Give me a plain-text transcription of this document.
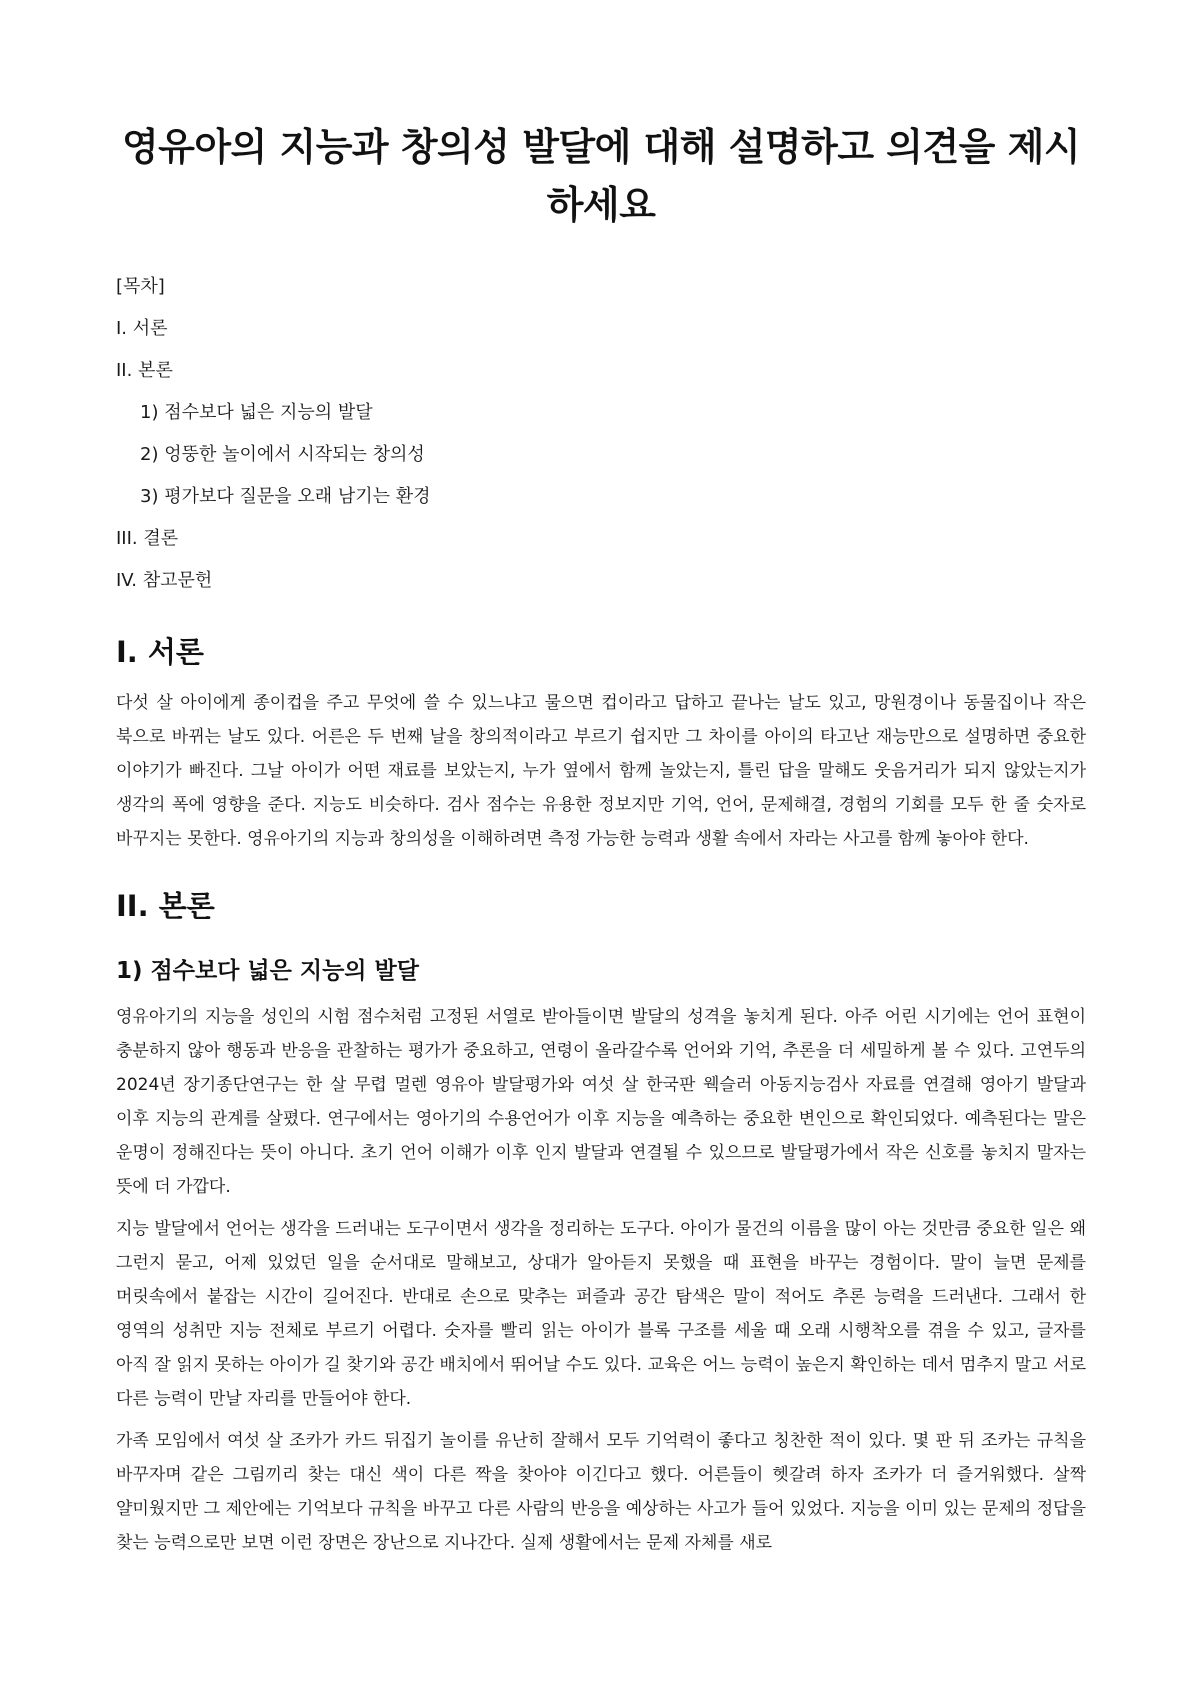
영유아의 지능과 창의성 발달에 대해 설명하고 의견을 제시하세요
[목차]
I. 서론
II. 본론
1) 점수보다 넓은 지능의 발달
2) 엉뚱한 놀이에서 시작되는 창의성
3) 평가보다 질문을 오래 남기는 환경
III. 결론
IV. 참고문헌
I. 서론

다섯 살 아이에게 종이컵을 주고 무엇에 쓸 수 있느냐고 물으면 컵이라고 답하고 끝나는 날도 있고, 망원경이나 동물집이나 작은 북으로 바뀌는 날도 있다. 어른은 두 번째 날을 창의적이라고 부르기 쉽지만 그 차이를 아이의 타고난 재능만으로 설명하면 중요한 이야기가 빠진다. 그날 아이가 어떤 재료를 보았는지, 누가 옆에서 함께 놀았는지, 틀린 답을 말해도 웃음거리가 되지 않았는지가 생각의 폭에 영향을 준다. 지능도 비슷하다. 검사 점수는 유용한 정보지만 기억, 언어, 문제해결, 경험의 기회를 모두 한 줄 숫자로 바꾸지는 못한다. 영유아기의 지능과 창의성을 이해하려면 측정 가능한 능력과 생활 속에서 자라는 사고를 함께 놓아야 한다.

II. 본론
1) 점수보다 넓은 지능의 발달

영유아기의 지능을 성인의 시험 점수처럼 고정된 서열로 받아들이면 발달의 성격을 놓치게 된다. 아주 어린 시기에는 언어 표현이 충분하지 않아 행동과 반응을 관찰하는 평가가 중요하고, 연령이 올라갈수록 언어와 기억, 추론을 더 세밀하게 볼 수 있다. 고연두의 2024년 장기종단연구는 한 살 무렵 멀렌 영유아 발달평가와 여섯 살 한국판 웩슬러 아동지능검사 자료를 연결해 영아기 발달과 이후 지능의 관계를 살폈다. 연구에서는 영아기의 수용언어가 이후 지능을 예측하는 중요한 변인으로 확인되었다. 예측된다는 말은 운명이 정해진다는 뜻이 아니다. 초기 언어 이해가 이후 인지 발달과 연결될 수 있으므로 발달평가에서 작은 신호를 놓치지 말자는 뜻에 더 가깝다.

지능 발달에서 언어는 생각을 드러내는 도구이면서 생각을 정리하는 도구다. 아이가 물건의 이름을 많이 아는 것만큼 중요한 일은 왜 그런지 묻고, 어제 있었던 일을 순서대로 말해보고, 상대가 알아듣지 못했을 때 표현을 바꾸는 경험이다. 말이 늘면 문제를 머릿속에서 붙잡는 시간이 길어진다. 반대로 손으로 맞추는 퍼즐과 공간 탐색은 말이 적어도 추론 능력을 드러낸다. 그래서 한 영역의 성취만 지능 전체로 부르기 어렵다. 숫자를 빨리 읽는 아이가 블록 구조를 세울 때 오래 시행착오를 겪을 수 있고, 글자를 아직 잘 읽지 못하는 아이가 길 찾기와 공간 배치에서 뛰어날 수도 있다. 교육은 어느 능력이 높은지 확인하는 데서 멈추지 말고 서로 다른 능력이 만날 자리를 만들어야 한다.

가족 모임에서 여섯 살 조카가 카드 뒤집기 놀이를 유난히 잘해서 모두 기억력이 좋다고 칭찬한 적이 있다. 몇 판 뒤 조카는 규칙을 바꾸자며 같은 그림끼리 찾는 대신 색이 다른 짝을 찾아야 이긴다고 했다. 어른들이 헷갈려 하자 조카가 더 즐거워했다. 살짝 얄미웠지만 그 제안에는 기억보다 규칙을 바꾸고 다른 사람의 반응을 예상하는 사고가 들어 있었다. 지능을 이미 있는 문제의 정답을 찾는 능력으로만 보면 이런 장면은 장난으로 지나간다. 실제 생활에서는 문제 자체를 새로
